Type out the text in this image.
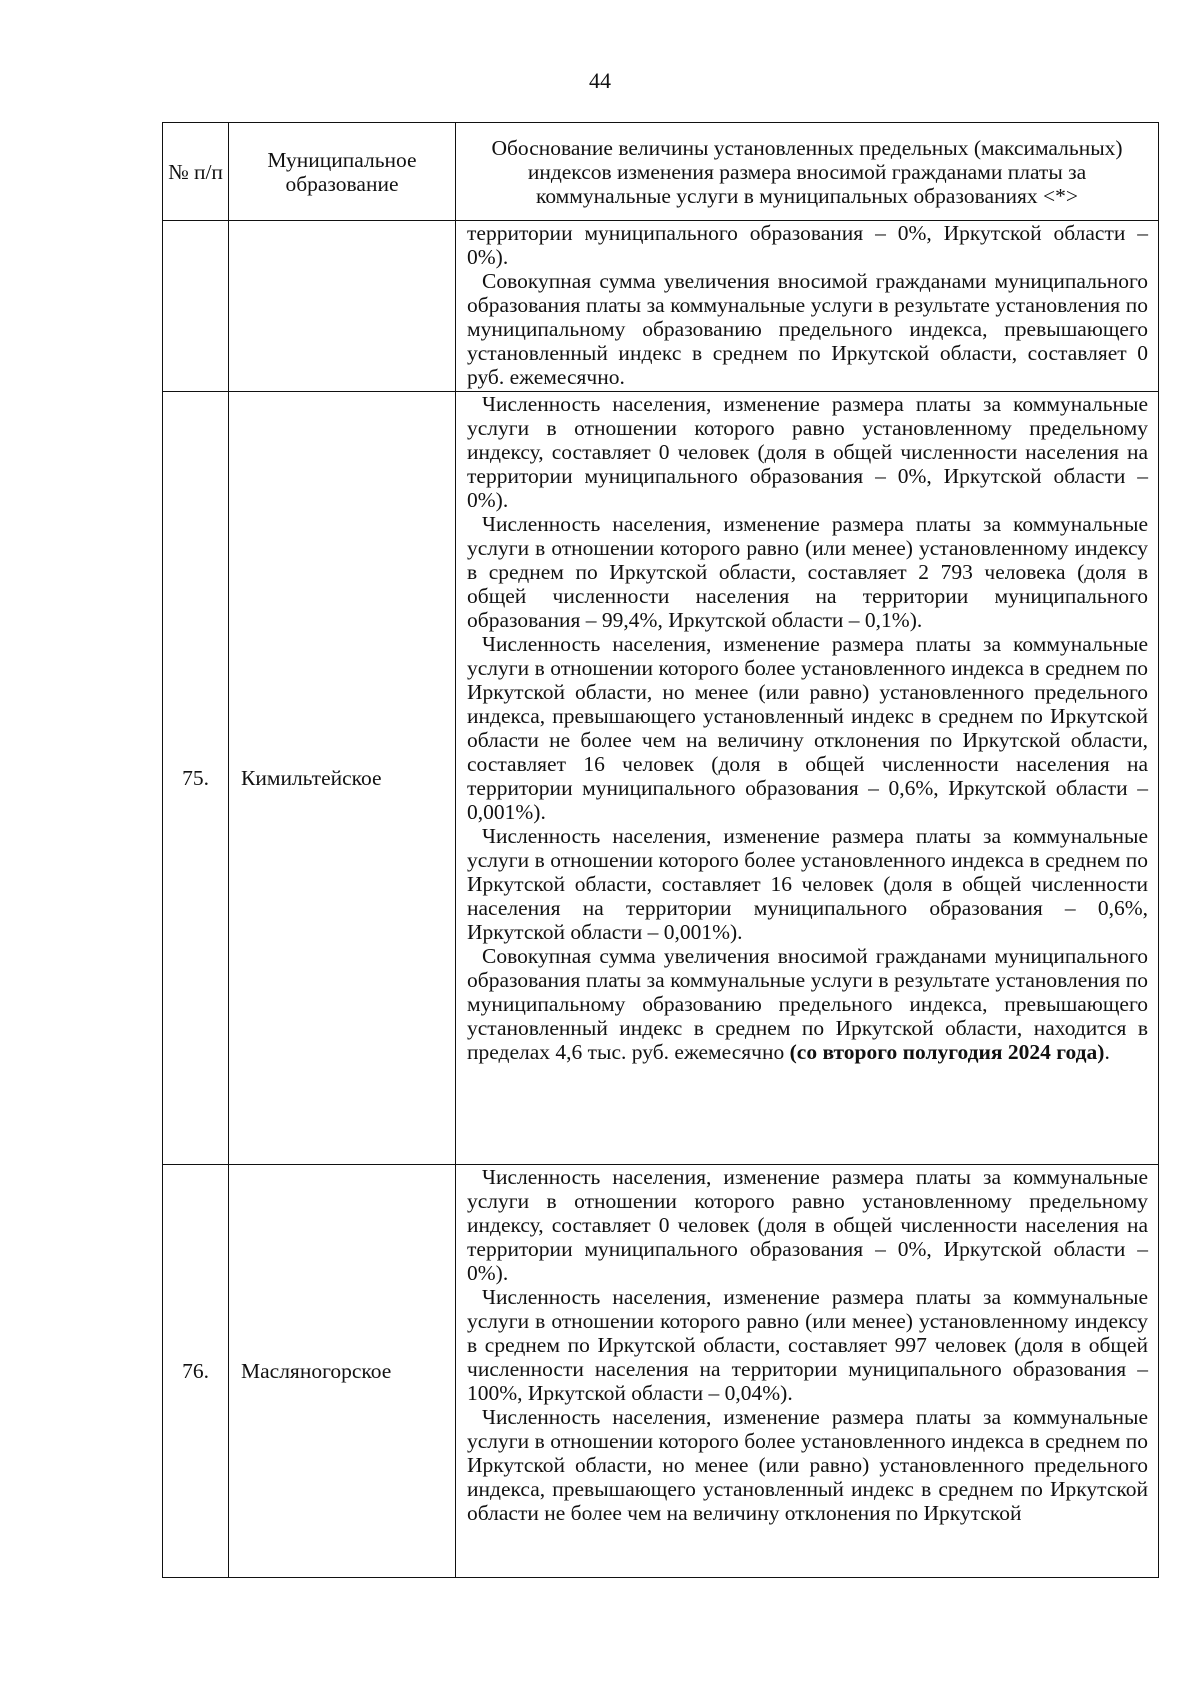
44
№ п/п	Муниципальное образование	Обоснование величины установленных предельных (максимальных) индексов изменения размера вносимой гражданами платы за коммунальные услуги в муниципальных образованиях <*>

		территории муниципального образования – 0%, Иркутской области – 0%).

Совокупная сумма увеличения вносимой гражданами муниципального образования платы за коммунальные услуги в результате установления по муниципальному образованию предельного индекса, превышающего установленный индекс в среднем по Иркутской области, составляет 0 руб. ежемесячно.

75.	Кимильтейское	Численность населения, изменение размера платы за коммунальные услуги в отношении которого равно установленному предельному индексу, составляет 0 человек (доля в общей численности населения на территории муниципального образования – 0%, Иркутской области – 0%).

Численность населения, изменение размера платы за коммунальные услуги в отношении которого равно (или менее) установленному индексу в среднем по Иркутской области, составляет 2 793 человека (доля в общей численности населения на территории муниципального образования – 99,4%, Иркутской области – 0,1%).

Численность населения, изменение размера платы за коммунальные услуги в отношении которого более установленного индекса в среднем по Иркутской области, но менее (или равно) установленного предельного индекса, превышающего установленный индекс в среднем по Иркутской области не более чем на величину отклонения по Иркутской области, составляет 16 человек (доля в общей численности населения на территории муниципального образования – 0,6%, Иркутской области – 0,001%).

Численность населения, изменение размера платы за коммунальные услуги в отношении которого более установленного индекса в среднем по Иркутской области, составляет 16 человек (доля в общей численности населения на территории муниципального образования – 0,6%, Иркутской области – 0,001%).

Совокупная сумма увеличения вносимой гражданами муниципального образования платы за коммунальные услуги в результате установления по муниципальному образованию предельного индекса, превышающего установленный индекс в среднем по Иркутской области, находится в пределах 4,6 тыс. руб. ежемесячно (со второго полугодия 2024 года).

76.	Масляногорское	Численность населения, изменение размера платы за коммунальные услуги в отношении которого равно установленному предельному индексу, составляет 0 человек (доля в общей численности населения на территории муниципального образования – 0%, Иркутской области – 0%).

Численность населения, изменение размера платы за коммунальные услуги в отношении которого равно (или менее) установленному индексу в среднем по Иркутской области, составляет 997 человек (доля в общей численности населения на территории муниципального образования – 100%, Иркутской области – 0,04%).

Численность населения, изменение размера платы за коммунальные услуги в отношении которого более установленного индекса в среднем по Иркутской области, но менее (или равно) установленного предельного индекса, превышающего установленный индекс в среднем по Иркутской области не более чем на величину отклонения по Иркутской
